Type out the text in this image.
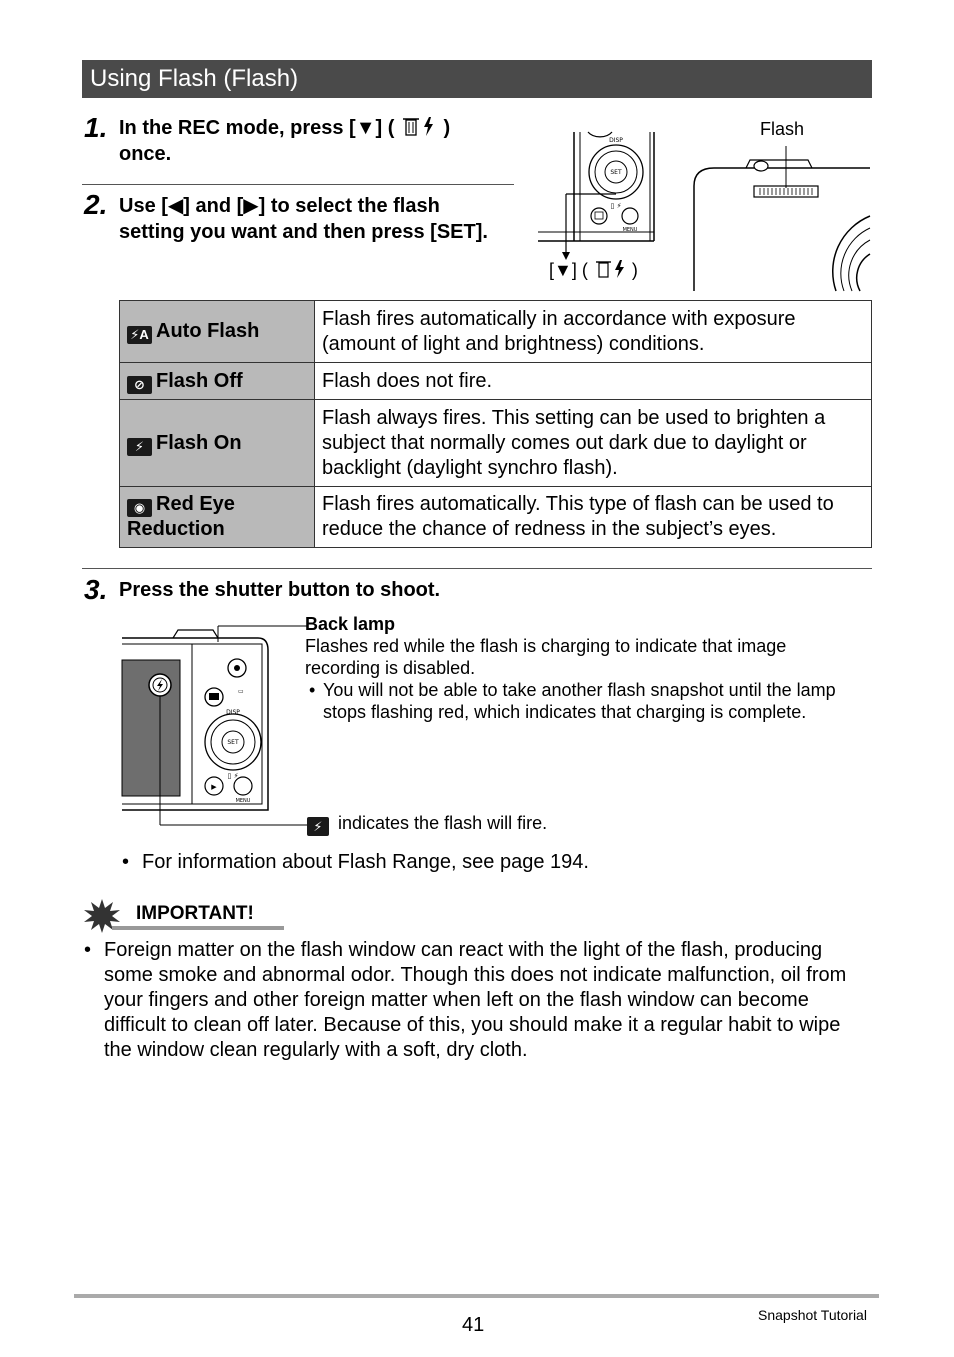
Using Flash (Flash)
1. In the REC mode, press [▼] ( ) once.
2. Use [◀] and [▶] to select the flash setting you want and then press [SET].
SET
DISP
MENU
▯ ⚡
Flash
[▼] ( )
⚡A Auto Flash	Flash fires automatically in accordance with exposure (amount of light and brightness) conditions.
⊘ Flash Off	Flash does not fire.
⚡ Flash On	Flash always fires. This setting can be used to brighten a subject that normally comes out dark due to daylight or backlight (daylight synchro flash).
◉ Red Eye Reduction	Flash fires automatically. This type of flash can be used to reduce the chance of redness in the subject’s eyes.
3. Press the shutter button to shoot.
▭
DISP
SET
▯ ⚡
▶
MENU
Back lamp
Flashes red while the flash is charging to indicate that image recording is disabled.
• You will not be able to take another flash snapshot until the lamp stops flashing red, which indicates that charging is complete.
⚡ indicates the flash will fire.
• For information about Flash Range, see page 194.
IMPORTANT!
• Foreign matter on the flash window can react with the light of the flash, producing some smoke and abnormal odor. Though this does not indicate malfunction, oil from your fingers and other foreign matter when left on the flash window can become difficult to clean off later. Because of this, you should make it a regular habit to wipe the window clean regularly with a soft, dry cloth.
41	Snapshot Tutorial
